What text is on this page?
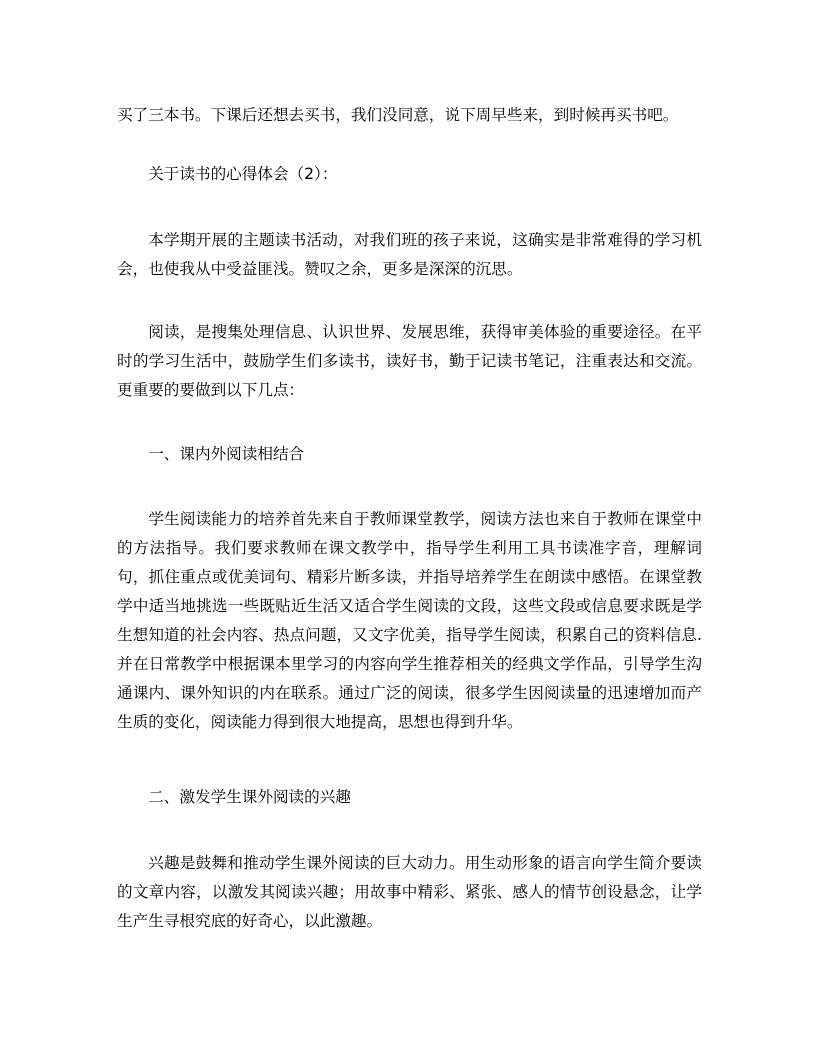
买了三本书。下课后还想去买书，我们没同意，说下周早些来，到时候再买书吧。

关于读书的心得体会（2）：

本学期开展的主题读书活动，对我们班的孩子来说，这确实是非常难得的学习机会，也使我从中受益匪浅。赞叹之余，更多是深深的沉思。

阅读，是搜集处理信息、认识世界、发展思维，获得审美体验的重要途径。在平时的学习生活中，鼓励学生们多读书，读好书，勤于记读书笔记，注重表达和交流。更重要的要做到以下几点：

一、课内外阅读相结合

学生阅读能力的培养首先来自于教师课堂教学，阅读方法也来自于教师在课堂中的方法指导。我们要求教师在课文教学中，指导学生利用工具书读准字音，理解词句，抓住重点或优美词句、精彩片断多读，并指导培养学生在朗读中感悟。在课堂教学中适当地挑选一些既贴近生活又适合学生阅读的文段，这些文段或信息要求既是学生想知道的社会内容、热点问题，又文字优美，指导学生阅读，积累自己的资料信息.并在日常教学中根据课本里学习的内容向学生推荐相关的经典文学作品，引导学生沟通课内、课外知识的内在联系。通过广泛的阅读，很多学生因阅读量的迅速增加而产生质的变化，阅读能力得到很大地提高，思想也得到升华。

二、激发学生课外阅读的兴趣

兴趣是鼓舞和推动学生课外阅读的巨大动力。用生动形象的语言向学生简介要读的文章内容，以激发其阅读兴趣；用故事中精彩、紧张、感人的情节创设悬念，让学生产生寻根究底的好奇心，以此激趣。
